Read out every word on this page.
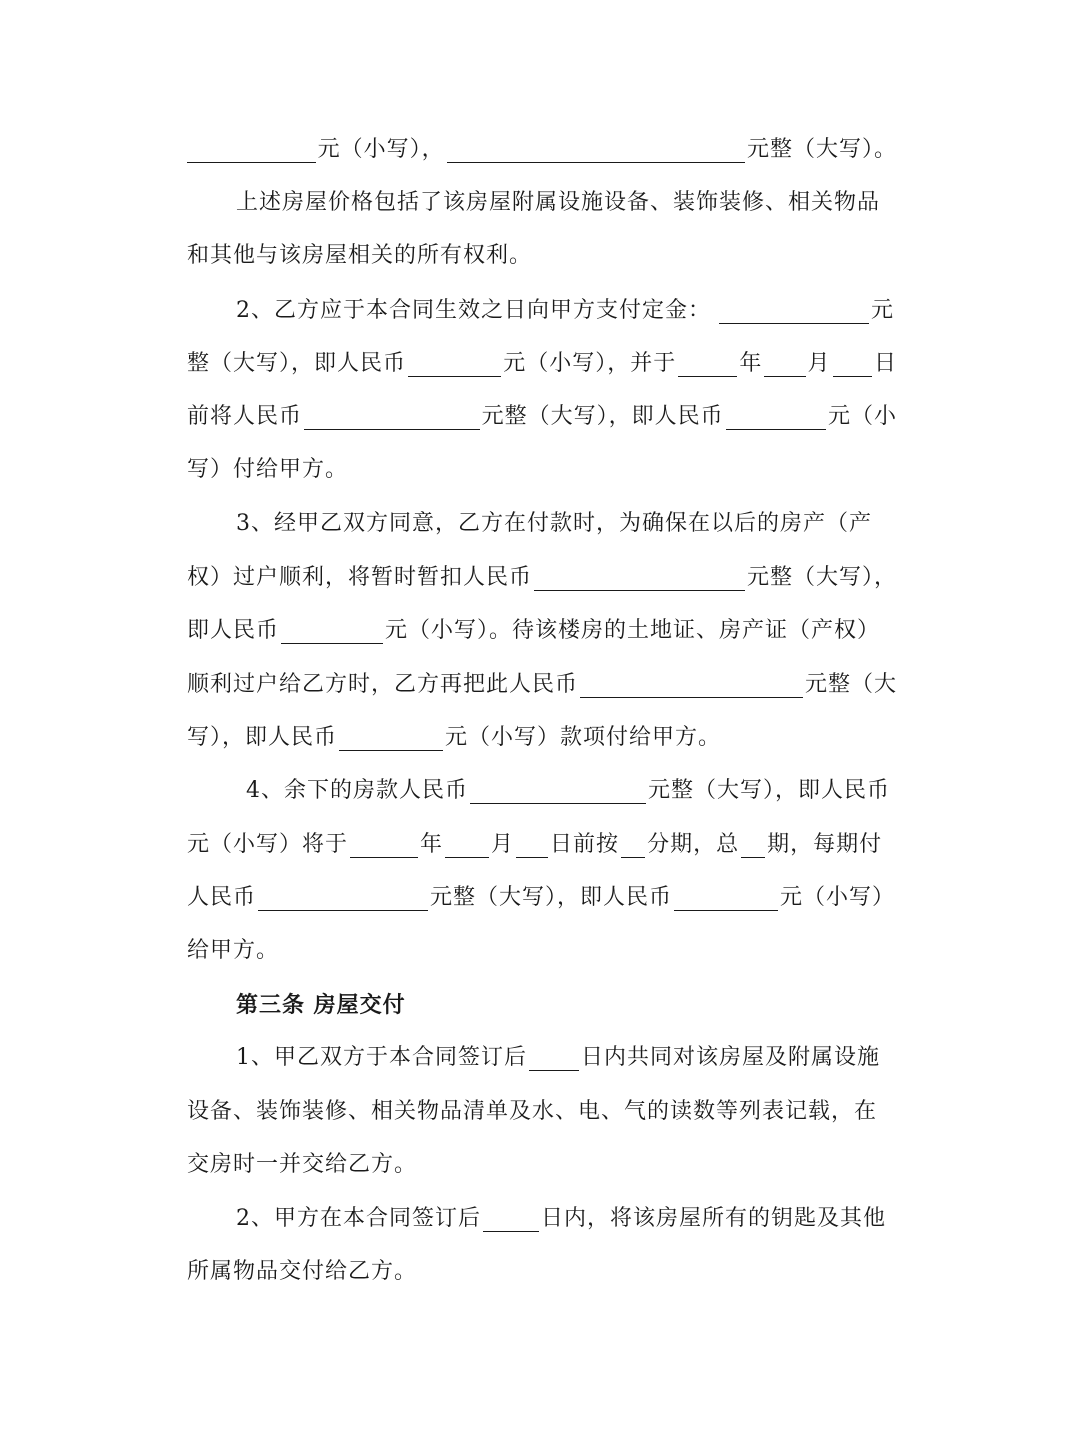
元（小写），	元整（大写）。
上述房屋价格包括了该房屋附属设施设备、装饰装修、相关物品
和其他与该房屋相关的所有权利。
2、乙方应于本合同生效之日向甲方支付定金：	元
整（大写），即人民币	元（小写），并于	年 月 日
前将人民币	元整（大写），即人民币	元（小
写）付给甲方。
3、经甲乙双方同意，乙方在付款时，为确保在以后的房产（产
权）过户顺利，将暂时暂扣人民币	元整（大写），
即人民币	元（小写）。待该楼房的土地证、房产证（产权）
顺利过户给乙方时，乙方再把此人民币	元整（大
写），即人民币	元（小写）款项付给甲方。
4、余下的房款人民币	元整（大写），即人民币
元（小写）将于	年 月 日前按 分期，总 期，每期付
人民币	元整（大写），即人民币	元（小写）
给甲方。
第三条 房屋交付
1、甲乙双方于本合同签订后 日内共同对该房屋及附属设施
设备、装饰装修、相关物品清单及水、电、气的读数等列表记载，在
交房时一并交给乙方。
2、甲方在本合同签订后	日内，将该房屋所有的钥匙及其他
所属物品交付给乙方。
